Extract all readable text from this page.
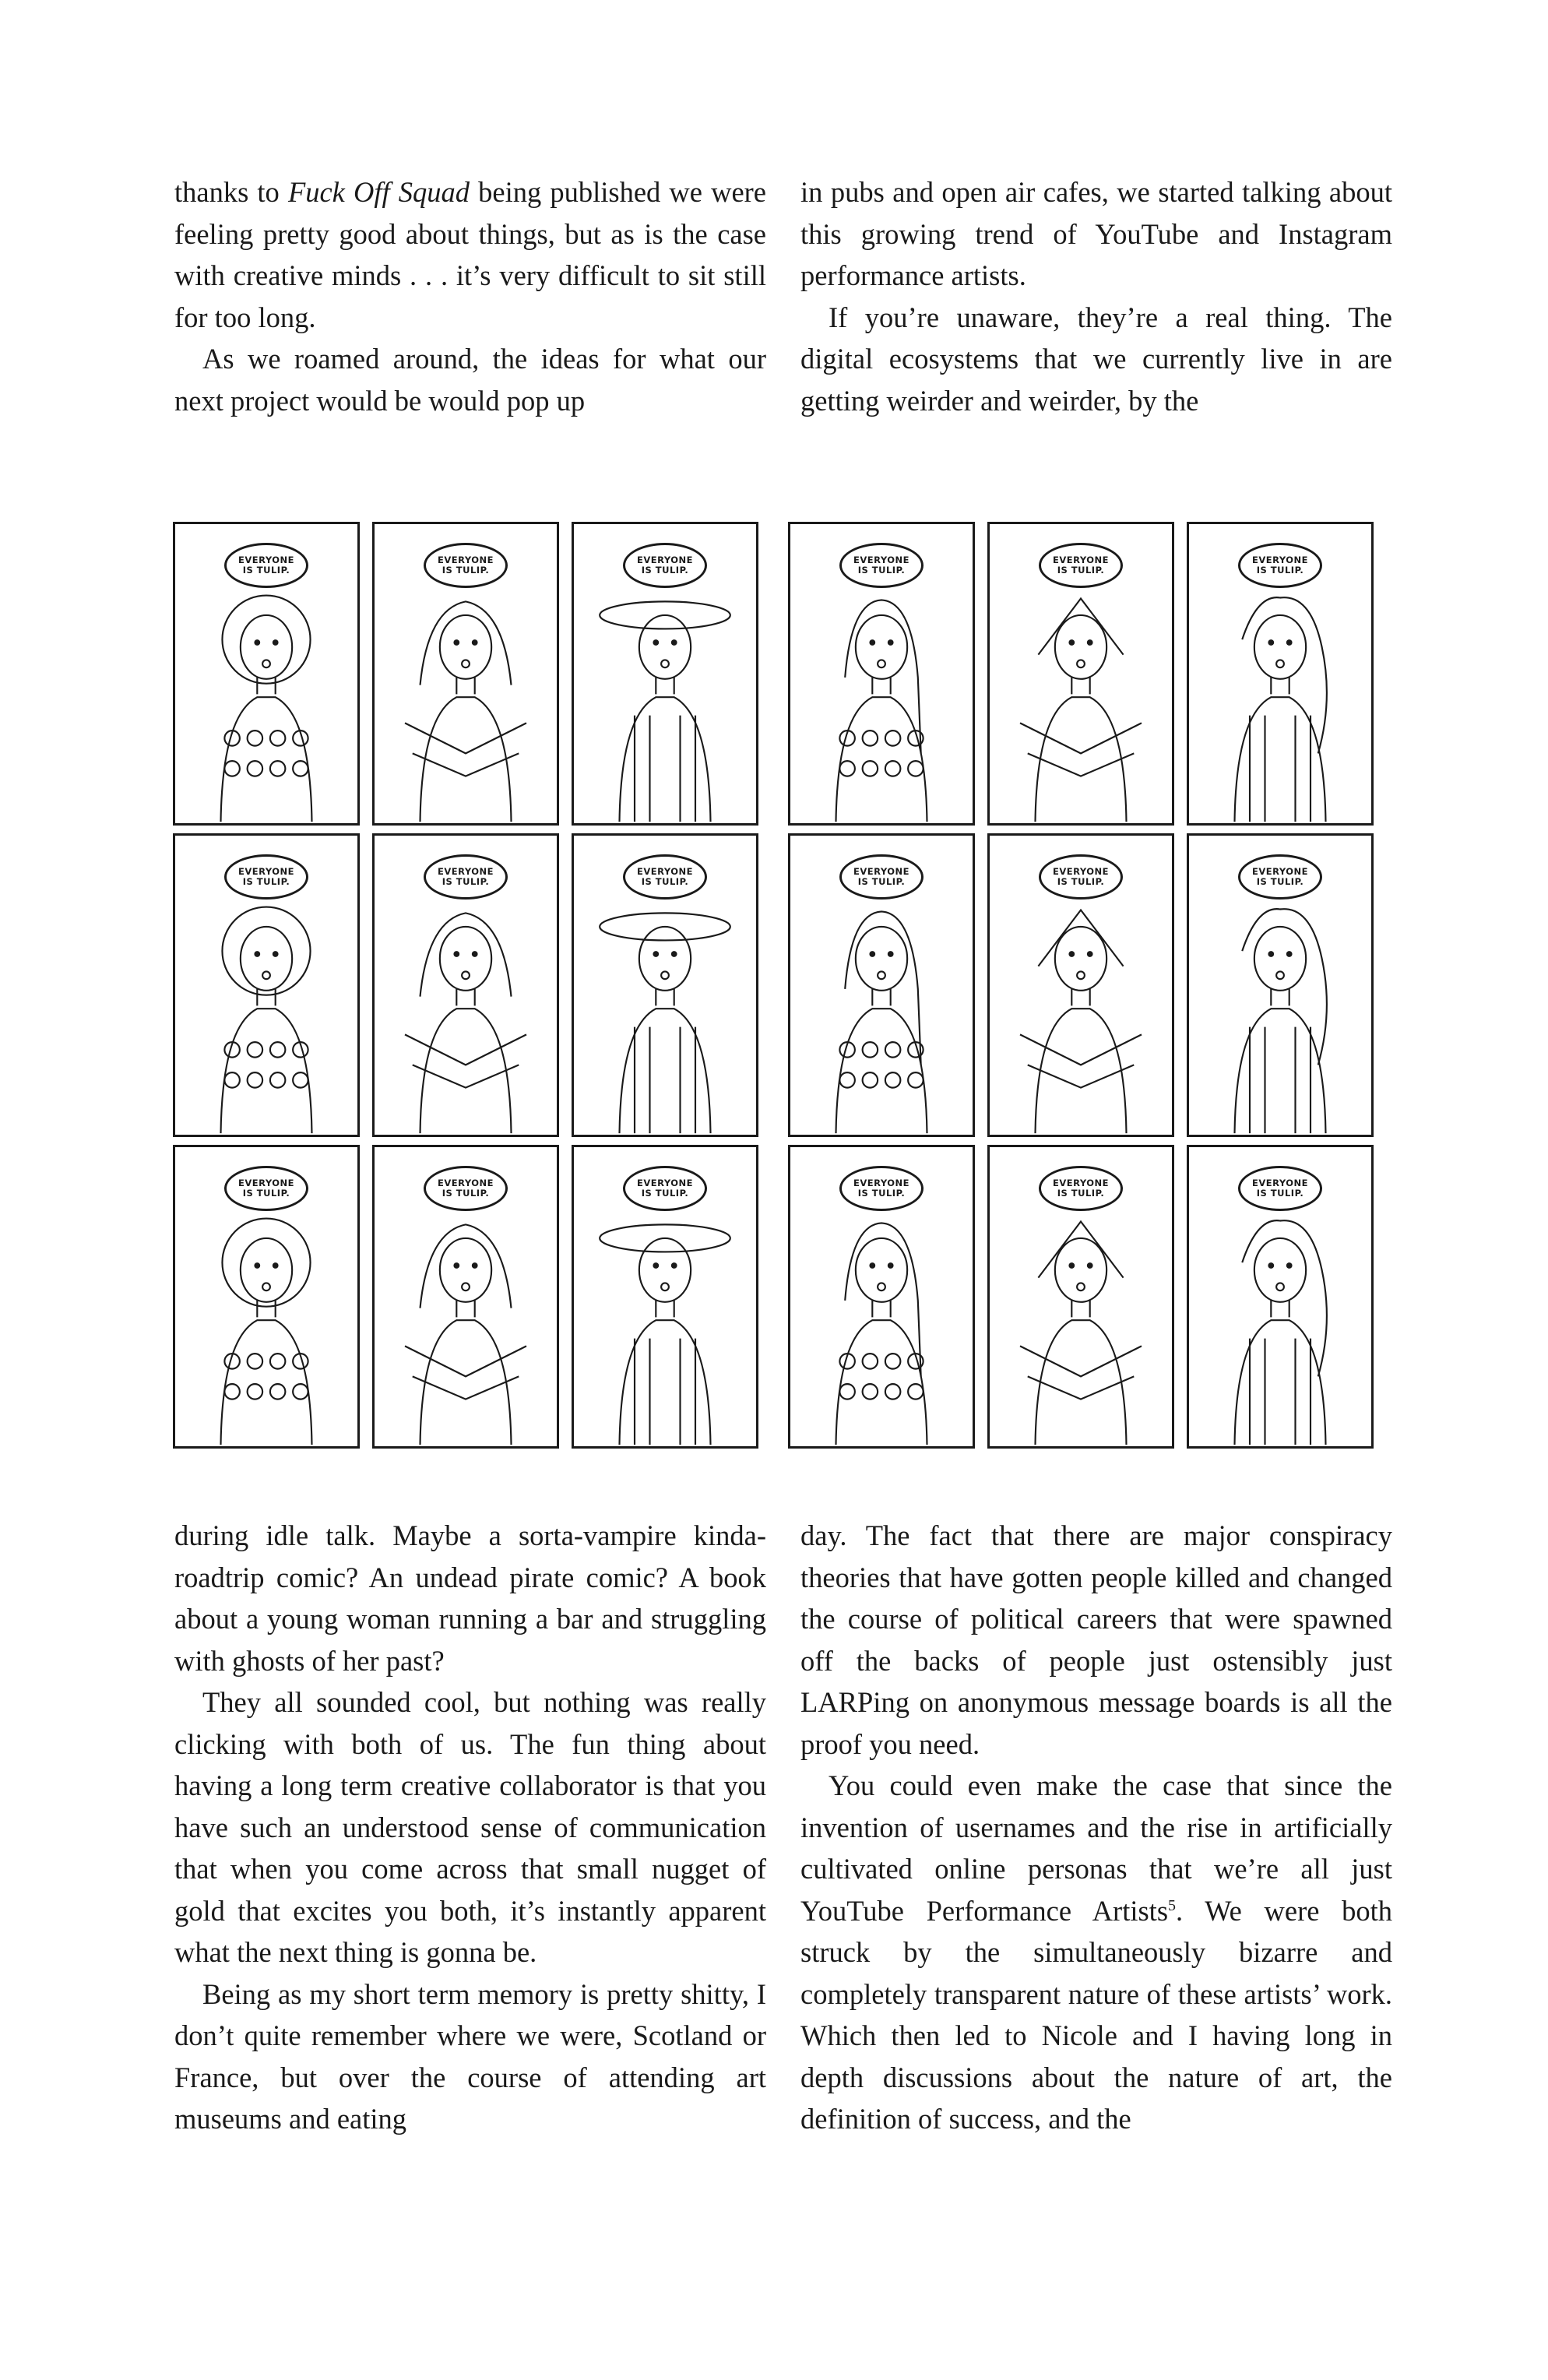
thanks to Fuck Off Squad being published we were feeling pretty good about things, but as is the case with creative minds . . . it’s very difficult to sit still for too long.

As we roamed around, the ideas for what our next project would be would pop up

in pubs and open air cafes, we started talking about this growing trend of YouTube and Instagram performance artists.

If you’re unaware, they’re a real thing. The digital ecosystems that we currently live in are getting weirder and weirder, by the

EVERYONE IS TULIP.
EVERYONE IS TULIP.
EVERYONE IS TULIP.
EVERYONE IS TULIP.
EVERYONE IS TULIP.
EVERYONE IS TULIP.
EVERYONE IS TULIP.
EVERYONE IS TULIP.
EVERYONE IS TULIP.
EVERYONE IS TULIP.
EVERYONE IS TULIP.
EVERYONE IS TULIP.
EVERYONE IS TULIP.
EVERYONE IS TULIP.
EVERYONE IS TULIP.
EVERYONE IS TULIP.
EVERYONE IS TULIP.
EVERYONE IS TULIP.

during idle talk. Maybe a sorta-vampire kinda-roadtrip comic? An undead pirate comic? A book about a young woman running a bar and struggling with ghosts of her past?

They all sounded cool, but nothing was really clicking with both of us. The fun thing about having a long term creative collaborator is that you have such an understood sense of communication that when you come across that small nugget of gold that excites you both, it’s instantly apparent what the next thing is gonna be.

Being as my short term memory is pretty shitty, I don’t quite remember where we were, Scotland or France, but over the course of attending art museums and eating

day. The fact that there are major conspiracy theories that have gotten people killed and changed the course of political careers that were spawned off the backs of people just ostensibly just LARPing on anonymous message boards is all the proof you need.

You could even make the case that since the invention of usernames and the rise in artificially cultivated online personas that we’re all just YouTube Performance Artists$^5$. We were both struck by the simultaneously bizarre and completely transparent nature of these artists’ work. Which then led to Nicole and I having long in depth discussions about the nature of art, the definition of success, and the
